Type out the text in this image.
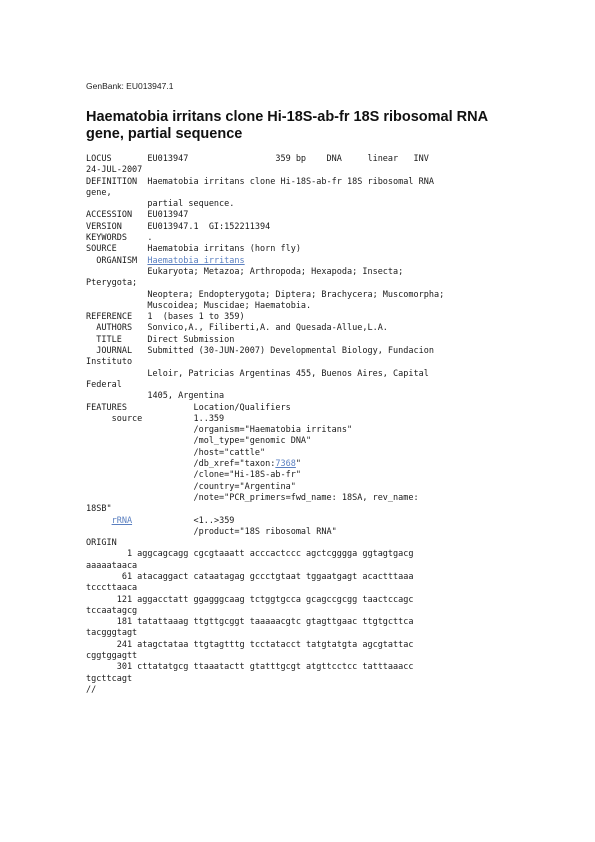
GenBank: EU013947.1

Haematobia irritans clone Hi-18S-ab-fr 18S ribosomal RNA
gene, partial sequence
LOCUS       EU013947                 359 bp    DNA     linear   INV
24-JUL-2007
DEFINITION  Haematobia irritans clone Hi-18S-ab-fr 18S ribosomal RNA
gene,
partial sequence.
ACCESSION   EU013947
VERSION     EU013947.1  GI:152211394
KEYWORDS    .
SOURCE      Haematobia irritans (horn fly)
ORGANISM  Haematobia irritans
Eukaryota; Metazoa; Arthropoda; Hexapoda; Insecta;
Pterygota;
Neoptera; Endopterygota; Diptera; Brachycera; Muscomorpha;
Muscoidea; Muscidae; Haematobia.
REFERENCE   1  (bases 1 to 359)
AUTHORS   Sonvico,A., Filiberti,A. and Quesada-Allue,L.A.
TITLE     Direct Submission
JOURNAL   Submitted (30-JUN-2007) Developmental Biology, Fundacion
Instituto
Leloir, Patricias Argentinas 455, Buenos Aires, Capital
Federal
1405, Argentina
FEATURES             Location/Qualifiers
source          1..359
/organism="Haematobia irritans"
/mol_type="genomic DNA"
/host="cattle"
/db_xref="taxon:7368"
/clone="Hi-18S-ab-fr"
/country="Argentina"
/note="PCR_primers=fwd_name: 18SA, rev_name:
18SB"
rRNA            <1..>359
/product="18S ribosomal RNA"
ORIGIN
1 aggcagcagg cgcgtaaatt acccactccc agctcgggga ggtagtgacg
aaaaataaca
61 atacaggact cataatagag gccctgtaat tggaatgagt acactttaaa
tcccttaaca
121 aggacctatt ggagggcaag tctggtgcca gcagccgcgg taactccagc
tccaatagcg
181 tatattaaag ttgttgcggt taaaaacgtc gtagttgaac ttgtgcttca
tacgggtagt
241 atagctataa ttgtagtttg tcctatacct tatgtatgta agcgtattac
cggtggagtt
301 cttatatgcg ttaaatactt gtatttgcgt atgttcctcc tatttaaacc
tgcttcagt
//
